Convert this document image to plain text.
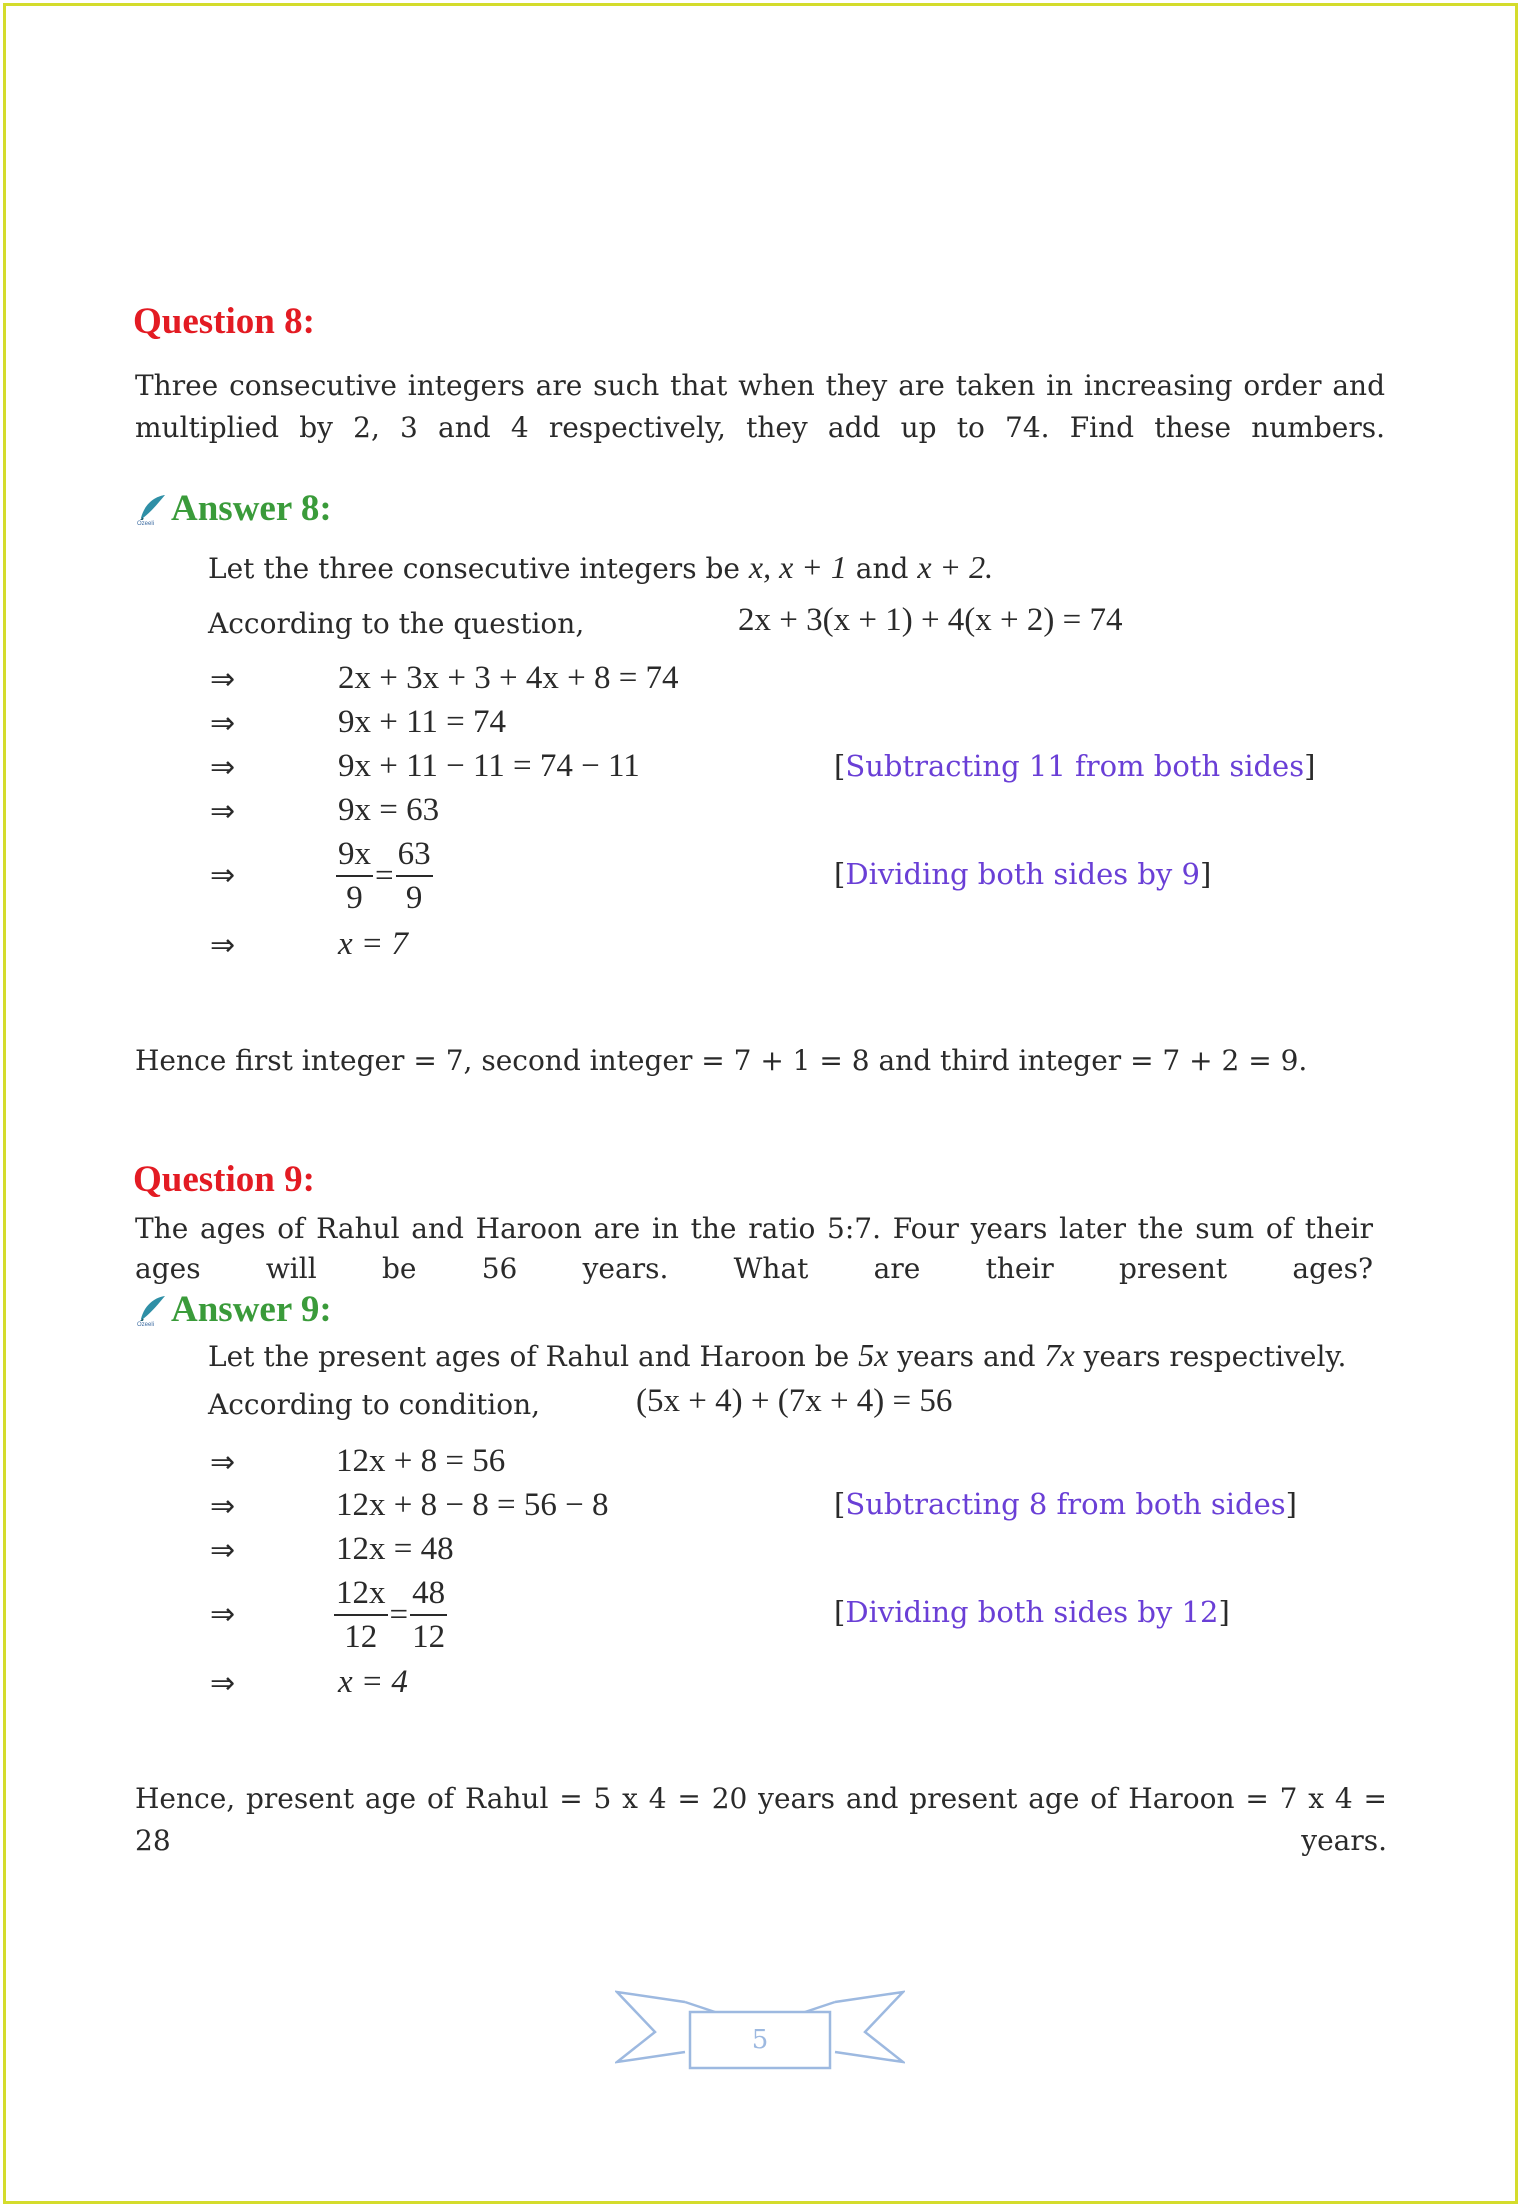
Question 8:
Three consecutive integers are such that when they are taken in increasing order and multiplied by 2, 3 and 4 respectively, they add up to 74. Find these numbers.
Ozeeli Answer 8:
Let the three consecutive integers be x, x + 1 and x + 2.
According to the question,	2x + 3(x + 1) + 4(x + 2) = 74
⇒	2x + 3x + 3 + 4x + 8 = 74
⇒	9x + 11 = 74
⇒	9x + 11 − 11 = 74 − 11	[Subtracting 11 from both sides]
⇒	9x = 63
⇒	$\frac{9x}{9} = \frac{63}{9}$	[Dividing both sides by 9]
⇒	x = 7
Hence first integer = 7, second integer = 7 + 1 = 8 and third integer = 7 + 2 = 9.
Question 9:
The ages of Rahul and Haroon are in the ratio 5:7. Four years later the sum of their ages will be 56 years. What are their present ages?
Ozeeli Answer 9:
Let the present ages of Rahul and Haroon be 5x years and 7x years respectively.
According to condition,	(5x + 4) + (7x + 4) = 56
⇒	12x + 8 = 56
⇒	12x + 8 − 8 = 56 − 8	[Subtracting 8 from both sides]
⇒	12x = 48
⇒	$\frac{12x}{12} = \frac{48}{12}$	[Dividing both sides by 12]
⇒	x = 4
Hence, present age of Rahul = 5 x 4 = 20 years and present age of Haroon = 7 x 4 = 28 years.
5
